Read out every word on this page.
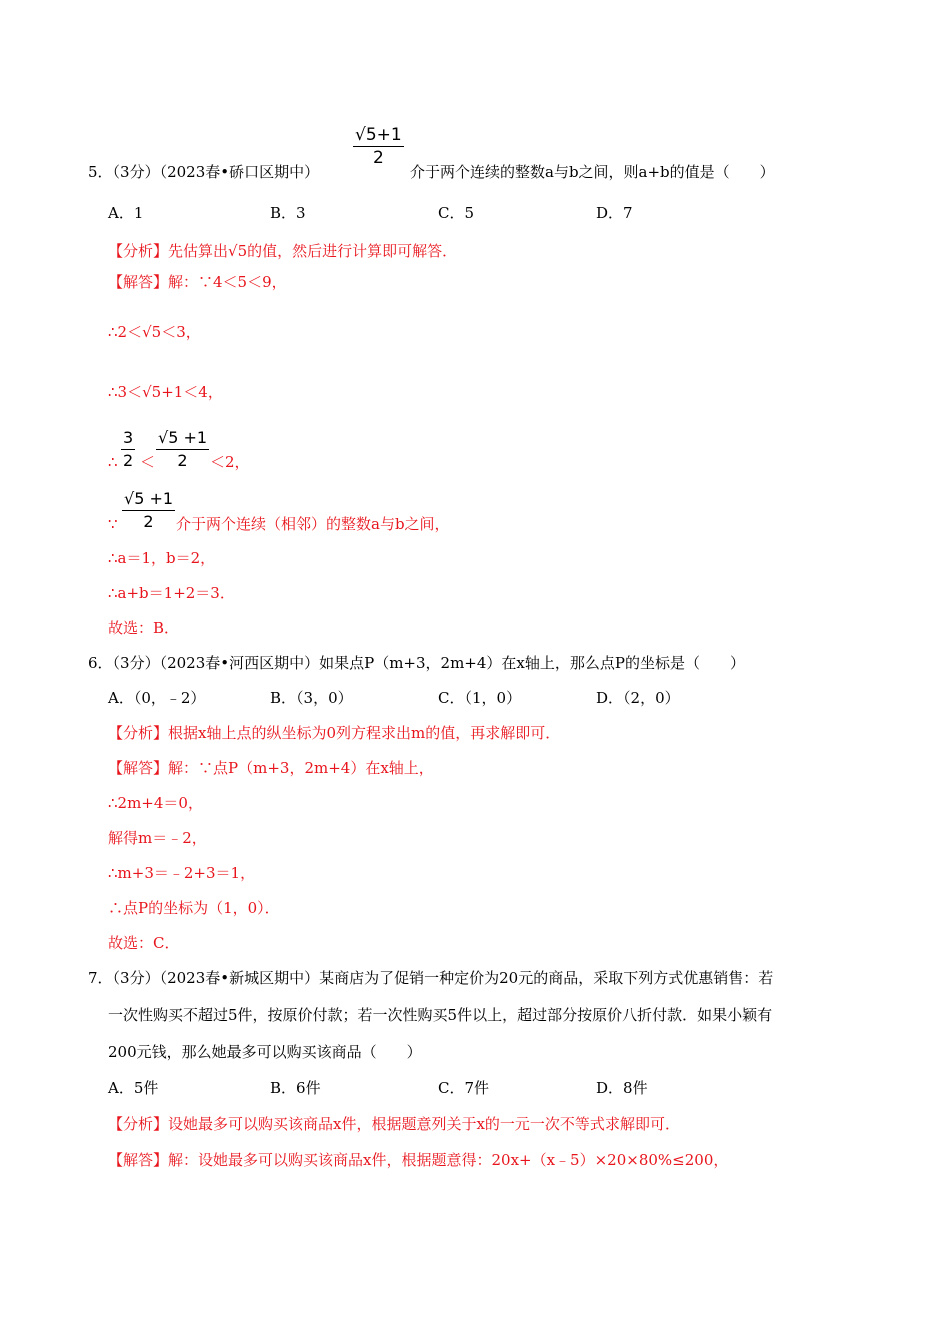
$\frac{√5+1}{2}$
5．（3分）（2023春•硚口区期中）	介于两个连续的整数a与b之间，则a+b的值是（　　）
A．1	B．3	C．5	D．7
【分析】先估算出√5的值，然后进行计算即可解答．
【解答】解：∵4＜5＜9，
∴2＜√5＜3，
∴3＜√5+1＜4，
∴ $\frac{3}{2} < \frac{√5 +1}{2} <2$，
∵ $\frac{√5 +1}{2}$ 介于两个连续（相邻）的整数a与b之间，
∴a＝1，b＝2，
∴a+b＝1+2＝3．
故选：B．
6．（3分）（2023春•河西区期中）如果点P（m+3，2m+4）在x轴上，那么点P的坐标是（　　）
A．（0，﹣2）	B．（3，0）	C．（1，0）	D．（2，0）
【分析】根据x轴上点的纵坐标为0列方程求出m的值，再求解即可．
【解答】解：∵点P（m+3，2m+4）在x轴上，
∴2m+4＝0，
解得m＝﹣2，
∴m+3＝﹣2+3＝1，
∴点P的坐标为（1，0）．
故选：C．
7．（3分）（2023春•新城区期中）某商店为了促销一种定价为20元的商品，采取下列方式优惠销售：若
一次性购买不超过5件，按原价付款；若一次性购买5件以上，超过部分按原价八折付款．如果小颖有
200元钱，那么她最多可以购买该商品（　　）
A．5件	B．6件	C．7件	D．8件
【分析】设她最多可以购买该商品x件，根据题意列关于x的一元一次不等式求解即可．
【解答】解：设她最多可以购买该商品x件，根据题意得：20x+（x﹣5）×20×80%≤200，
